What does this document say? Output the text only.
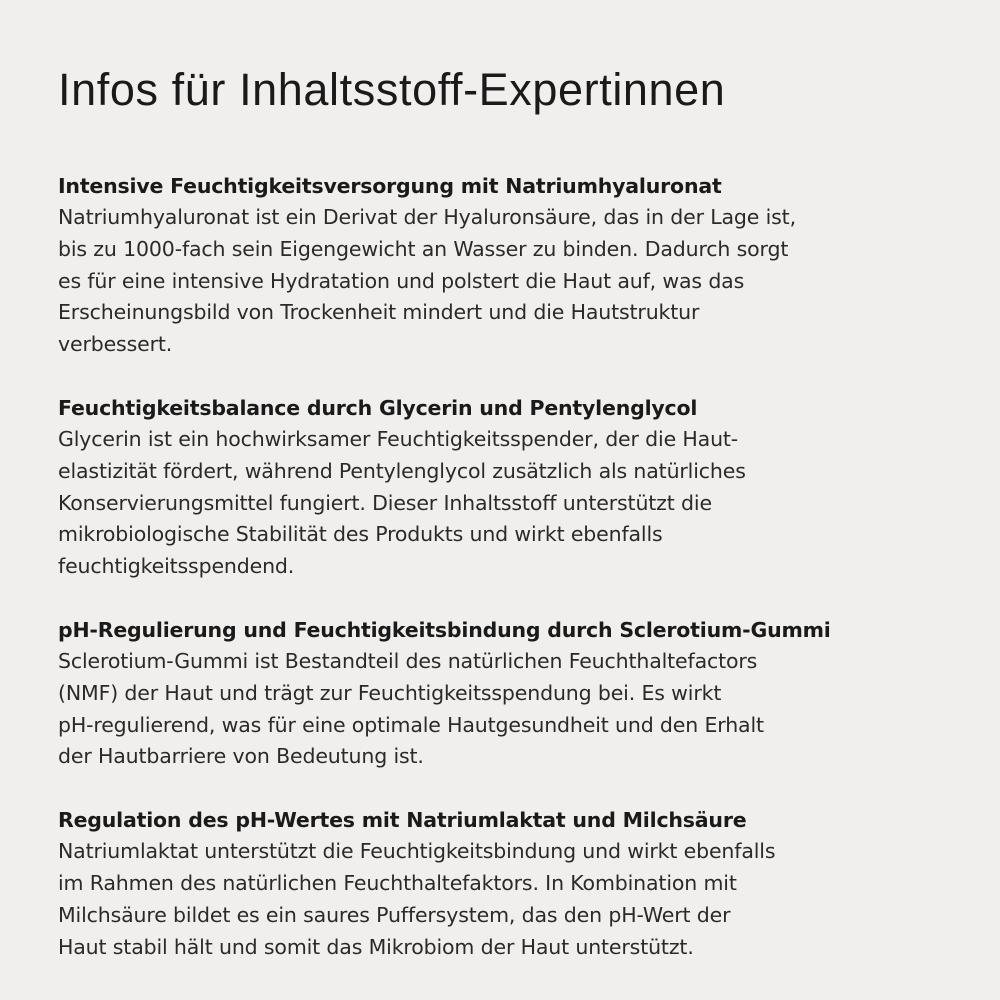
Infos für Inhaltsstoff-Expertinnen
Intensive Feuchtigkeitsversorgung mit Natriumhyaluronat

Natriumhyaluronat ist ein Derivat der Hyaluronsäure, das in der Lage ist,
bis zu 1000-fach sein Eigengewicht an Wasser zu binden. Dadurch sorgt
es für eine intensive Hydratation und polstert die Haut auf, was das
Erscheinungsbild von Trockenheit mindert und die Hautstruktur
verbessert.

Feuchtigkeitsbalance durch Glycerin und Pentylenglycol

Glycerin ist ein hochwirksamer Feuchtigkeitsspender, der die Haut-
elastizität fördert, während Pentylenglycol zusätzlich als natürliches
Konservierungsmittel fungiert. Dieser Inhaltsstoff unterstützt die
mikrobiologische Stabilität des Produkts und wirkt ebenfalls
feuchtigkeitsspendend.

pH-Regulierung und Feuchtigkeitsbindung durch Sclerotium-Gummi

Sclerotium-Gummi ist Bestandteil des natürlichen Feuchthaltefactors
(NMF) der Haut und trägt zur Feuchtigkeitsspendung bei. Es wirkt
pH-regulierend, was für eine optimale Hautgesundheit und den Erhalt
der Hautbarriere von Bedeutung ist.

Regulation des pH-Wertes mit Natriumlaktat und Milchsäure

Natriumlaktat unterstützt die Feuchtigkeitsbindung und wirkt ebenfalls
im Rahmen des natürlichen Feuchthaltefaktors. In Kombination mit
Milchsäure bildet es ein saures Puffersystem, das den pH-Wert der
Haut stabil hält und somit das Mikrobiom der Haut unterstützt.
